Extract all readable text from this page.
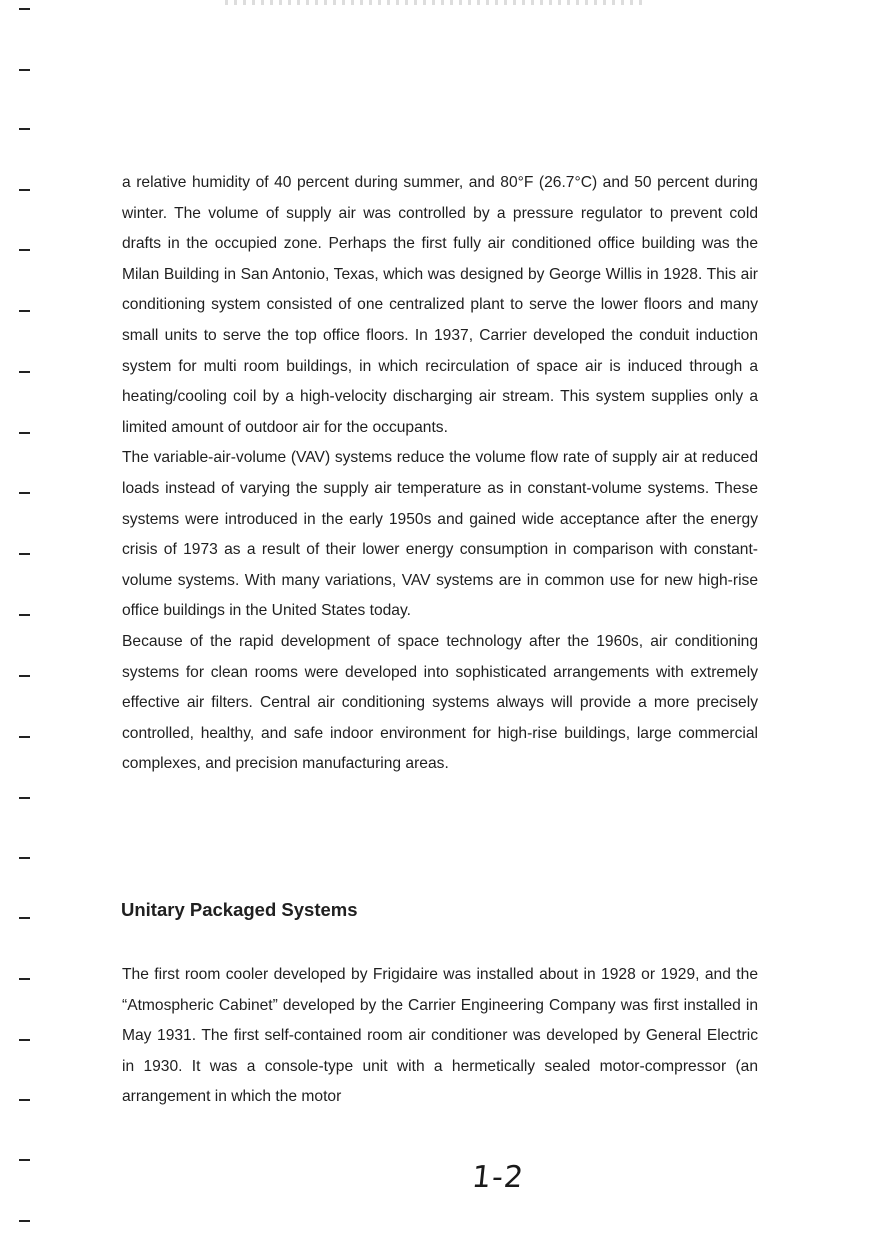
a relative humidity of 40 percent during summer, and 80°F (26.7°C) and 50 percent during winter. The volume of supply air was controlled by a pressure regulator to prevent cold drafts in the occupied zone. Perhaps the first fully air conditioned office building was the Milan Building in San Antonio, Texas, which was designed by George Willis in 1928. This air conditioning system consisted of one centralized plant to serve the lower floors and many small units to serve the top office floors. In 1937, Carrier developed the conduit induction system for multi room buildings, in which recirculation of space air is induced through a heating/cooling coil by a high-velocity discharging air stream. This system supplies only a limited amount of outdoor air for the occupants.

The variable-air-volume (VAV) systems reduce the volume flow rate of supply air at reduced loads instead of varying the supply air temperature as in constant-volume systems. These systems were introduced in the early 1950s and gained wide acceptance after the energy crisis of 1973 as a result of their lower energy consumption in comparison with constant-volume systems. With many variations, VAV systems are in common use for new high-rise office buildings in the United States today.

Because of the rapid development of space technology after the 1960s, air conditioning systems for clean rooms were developed into sophisticated arrangements with extremely effective air filters. Central air conditioning systems always will provide a more precisely controlled, healthy, and safe indoor environment for high-rise buildings, large commercial complexes, and precision manufacturing areas.

Unitary Packaged Systems

The first room cooler developed by Frigidaire was installed about in 1928 or 1929, and the “Atmospheric Cabinet” developed by the Carrier Engineering Company was first installed in May 1931. The first self-contained room air conditioner was developed by General Electric in 1930. It was a console-type unit with a hermetically sealed motor-compressor (an arrangement in which the motor

1-2
